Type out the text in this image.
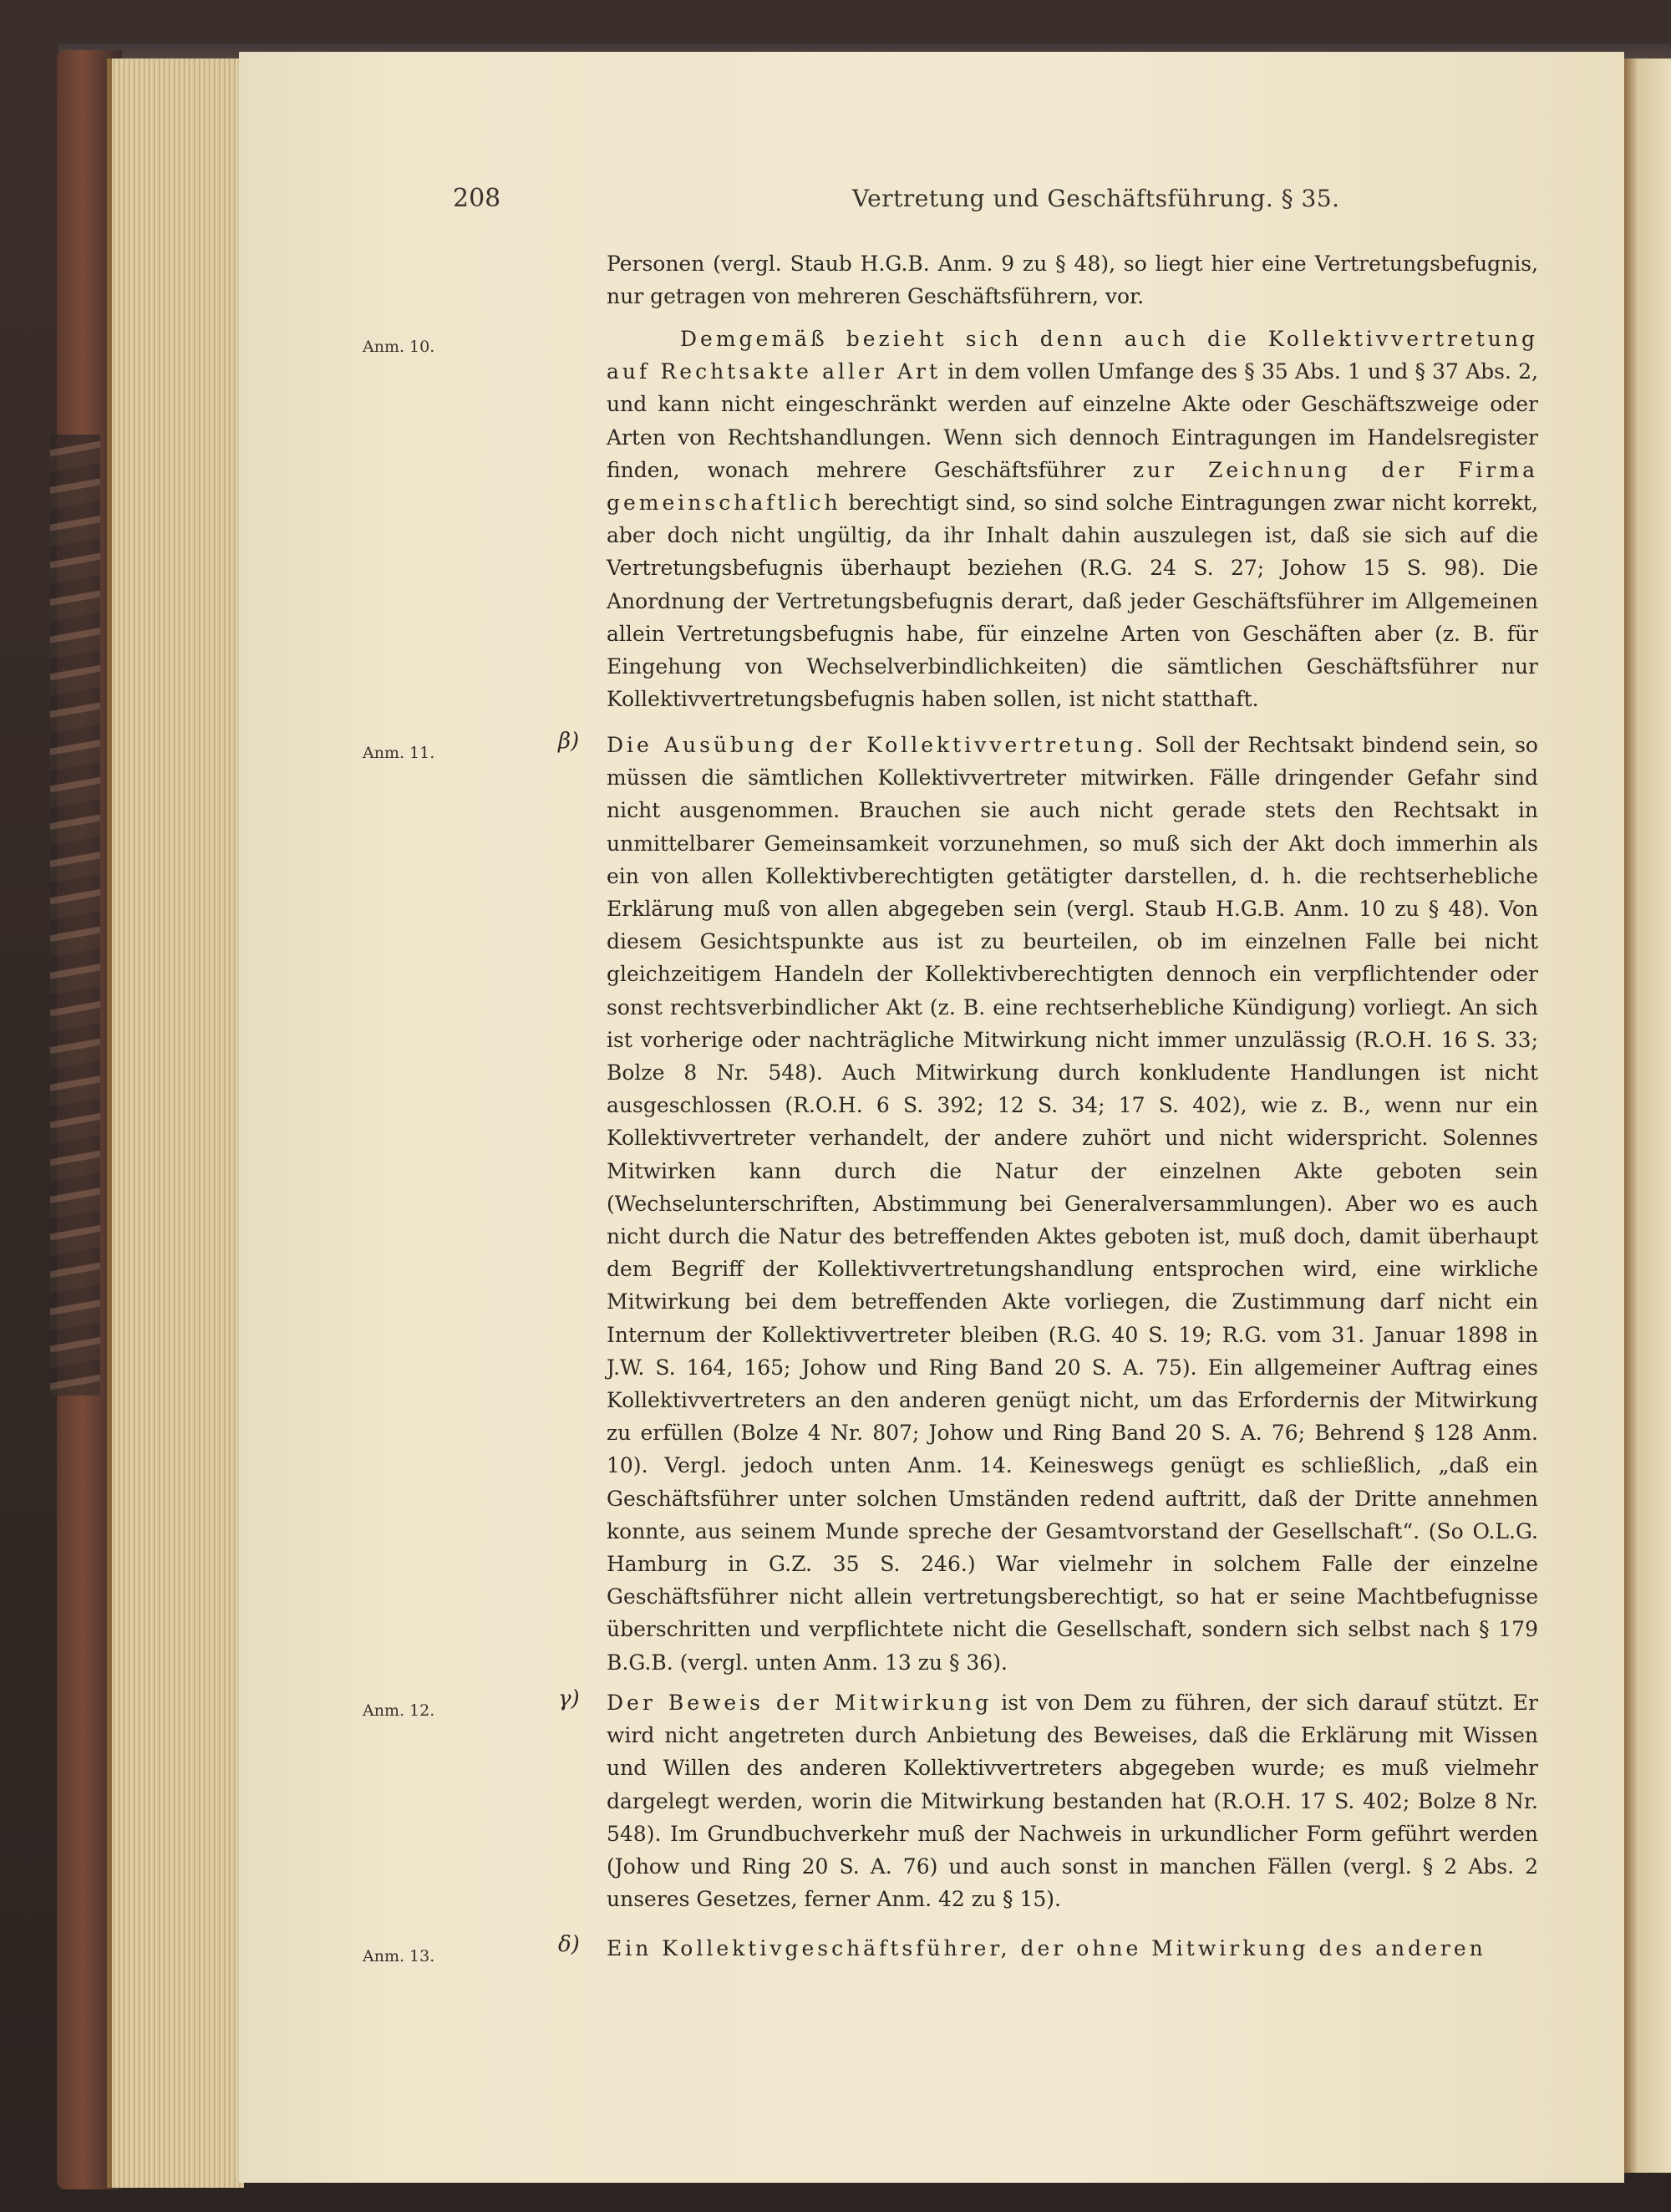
208	Vertretung und Geschäftsführung. § 35.

Personen (vergl. Staub H.G.B. Anm. 9 zu § 48), so liegt hier eine Vertretungsbefugnis, nur getragen von mehreren Geschäftsführern, vor.

Anm. 10.	Demgemäß bezieht sich denn auch die Kollektivvertretung auf Rechtsakte aller Art in dem vollen Umfange des § 35 Abs. 1 und § 37 Abs. 2, und kann nicht eingeschränkt werden auf einzelne Akte oder Geschäftszweige oder Arten von Rechtshandlungen. Wenn sich dennoch Eintragungen im Handelsregister finden, wonach mehrere Geschäftsführer zur Zeichnung der Firma gemeinschaftlich berechtigt sind, so sind solche Eintragungen zwar nicht korrekt, aber doch nicht ungültig, da ihr Inhalt dahin auszulegen ist, daß sie sich auf die Vertretungsbefugnis überhaupt beziehen (R.G. 24 S. 27; Johow 15 S. 98). Die Anordnung der Vertretungsbefugnis derart, daß jeder Geschäftsführer im Allgemeinen allein Vertretungsbefugnis habe, für einzelne Arten von Geschäften aber (z. B. für Eingehung von Wechselverbindlichkeiten) die sämtlichen Geschäftsführer nur Kollektivvertretungsbefugnis haben sollen, ist nicht statthaft.

Anm. 11.	β) Die Ausübung der Kollektivvertretung. Soll der Rechtsakt bindend sein, so müssen die sämtlichen Kollektivvertreter mitwirken. Fälle dringender Gefahr sind nicht ausgenommen. Brauchen sie auch nicht gerade stets den Rechtsakt in unmittelbarer Gemeinsamkeit vorzunehmen, so muß sich der Akt doch immerhin als ein von allen Kollektivberechtigten getätigter darstellen, d. h. die rechtserhebliche Erklärung muß von allen abgegeben sein (vergl. Staub H.G.B. Anm. 10 zu § 48). Von diesem Gesichtspunkte aus ist zu beurteilen, ob im einzelnen Falle bei nicht gleichzeitigem Handeln der Kollektivberechtigten dennoch ein verpflichtender oder sonst rechtsverbindlicher Akt (z. B. eine rechtserhebliche Kündigung) vorliegt. An sich ist vorherige oder nachträgliche Mitwirkung nicht immer unzulässig (R.O.H. 16 S. 33; Bolze 8 Nr. 548). Auch Mitwirkung durch konkludente Handlungen ist nicht ausgeschlossen (R.O.H. 6 S. 392; 12 S. 34; 17 S. 402), wie z. B., wenn nur ein Kollektivvertreter verhandelt, der andere zuhört und nicht widerspricht. Solennes Mitwirken kann durch die Natur der einzelnen Akte geboten sein (Wechselunterschriften, Abstimmung bei Generalversammlungen). Aber wo es auch nicht durch die Natur des betreffenden Aktes geboten ist, muß doch, damit überhaupt dem Begriff der Kollektivvertretungshandlung entsprochen wird, eine wirkliche Mitwirkung bei dem betreffenden Akte vorliegen, die Zustimmung darf nicht ein Internum der Kollektivvertreter bleiben (R.G. 40 S. 19; R.G. vom 31. Januar 1898 in J.W. S. 164, 165; Johow und Ring Band 20 S. A. 75). Ein allgemeiner Auftrag eines Kollektivvertreters an den anderen genügt nicht, um das Erfordernis der Mitwirkung zu erfüllen (Bolze 4 Nr. 807; Johow und Ring Band 20 S. A. 76; Behrend § 128 Anm. 10). Vergl. jedoch unten Anm. 14. Keineswegs genügt es schließlich, „daß ein Geschäftsführer unter solchen Umständen redend auftritt, daß der Dritte annehmen konnte, aus seinem Munde spreche der Gesamtvorstand der Gesellschaft“. (So O.L.G. Hamburg in G.Z. 35 S. 246.) War vielmehr in solchem Falle der einzelne Geschäftsführer nicht allein vertretungsberechtigt, so hat er seine Machtbefugnisse überschritten und verpflichtete nicht die Gesellschaft, sondern sich selbst nach § 179 B.G.B. (vergl. unten Anm. 13 zu § 36).

Anm. 12.	γ) Der Beweis der Mitwirkung ist von Dem zu führen, der sich darauf stützt. Er wird nicht angetreten durch Anbietung des Beweises, daß die Erklärung mit Wissen und Willen des anderen Kollektivvertreters abgegeben wurde; es muß vielmehr dargelegt werden, worin die Mitwirkung bestanden hat (R.O.H. 17 S. 402; Bolze 8 Nr. 548). Im Grundbuchverkehr muß der Nachweis in urkundlicher Form geführt werden (Johow und Ring 20 S. A. 76) und auch sonst in manchen Fällen (vergl. § 2 Abs. 2 unseres Gesetzes, ferner Anm. 42 zu § 15).

Anm. 13.	δ) Ein Kollektivgeschäftsführer, der ohne Mitwirkung des anderen
